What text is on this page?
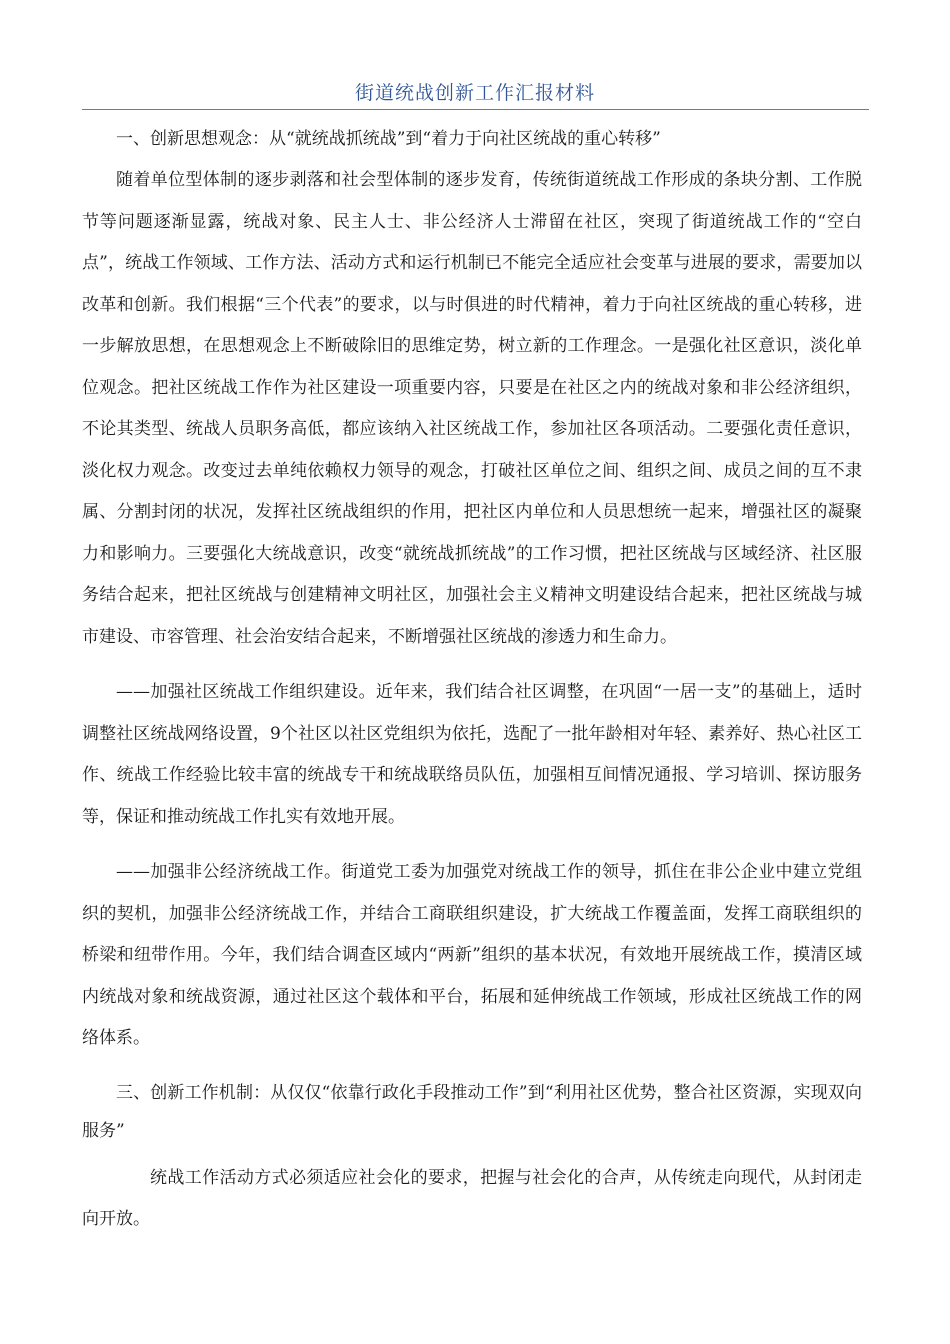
街道统战创新工作汇报材料

一、创新思想观念：从“就统战抓统战”到“着力于向社区统战的重心转移”

随着单位型体制的逐步剥落和社会型体制的逐步发育，传统街道统战工作形成的条块分割、工作脱节等问题逐渐显露，统战对象、民主人士、非公经济人士滞留在社区，突现了街道统战工作的“空白点”，统战工作领域、工作方法、活动方式和运行机制已不能完全适应社会变革与进展的要求，需要加以改革和创新。我们根据“三个代表”的要求，以与时俱进的时代精神，着力于向社区统战的重心转移，进一步解放思想，在思想观念上不断破除旧的思维定势，树立新的工作理念。一是强化社区意识，淡化单位观念。把社区统战工作作为社区建设一项重要内容，只要是在社区之内的统战对象和非公经济组织，不论其类型、统战人员职务高低，都应该纳入社区统战工作，参加社区各项活动。二要强化责任意识，淡化权力观念。改变过去单纯依赖权力领导的观念，打破社区单位之间、组织之间、成员之间的互不隶属、分割封闭的状况，发挥社区统战组织的作用，把社区内单位和人员思想统一起来，增强社区的凝聚力和影响力。三要强化大统战意识，改变“就统战抓统战”的工作习惯，把社区统战与区域经济、社区服务结合起来，把社区统战与创建精神文明社区，加强社会主义精神文明建设结合起来，把社区统战与城市建设、市容管理、社会治安结合起来，不断增强社区统战的渗透力和生命力。

——加强社区统战工作组织建设。近年来，我们结合社区调整，在巩固“一居一支”的基础上，适时调整社区统战网络设置，9个社区以社区党组织为依托，选配了一批年龄相对年轻、素养好、热心社区工作、统战工作经验比较丰富的统战专干和统战联络员队伍，加强相互间情况通报、学习培训、探访服务等，保证和推动统战工作扎实有效地开展。

——加强非公经济统战工作。街道党工委为加强党对统战工作的领导，抓住在非公企业中建立党组织的契机，加强非公经济统战工作，并结合工商联组织建设，扩大统战工作覆盖面，发挥工商联组织的桥梁和纽带作用。今年，我们结合调查区域内“两新”组织的基本状况，有效地开展统战工作，摸清区域内统战对象和统战资源，通过社区这个载体和平台，拓展和延伸统战工作领域，形成社区统战工作的网络体系。

三、创新工作机制：从仅仅“依靠行政化手段推动工作”到“利用社区优势，整合社区资源，实现双向服务”

统战工作活动方式必须适应社会化的要求，把握与社会化的合声，从传统走向现代，从封闭走向开放。
